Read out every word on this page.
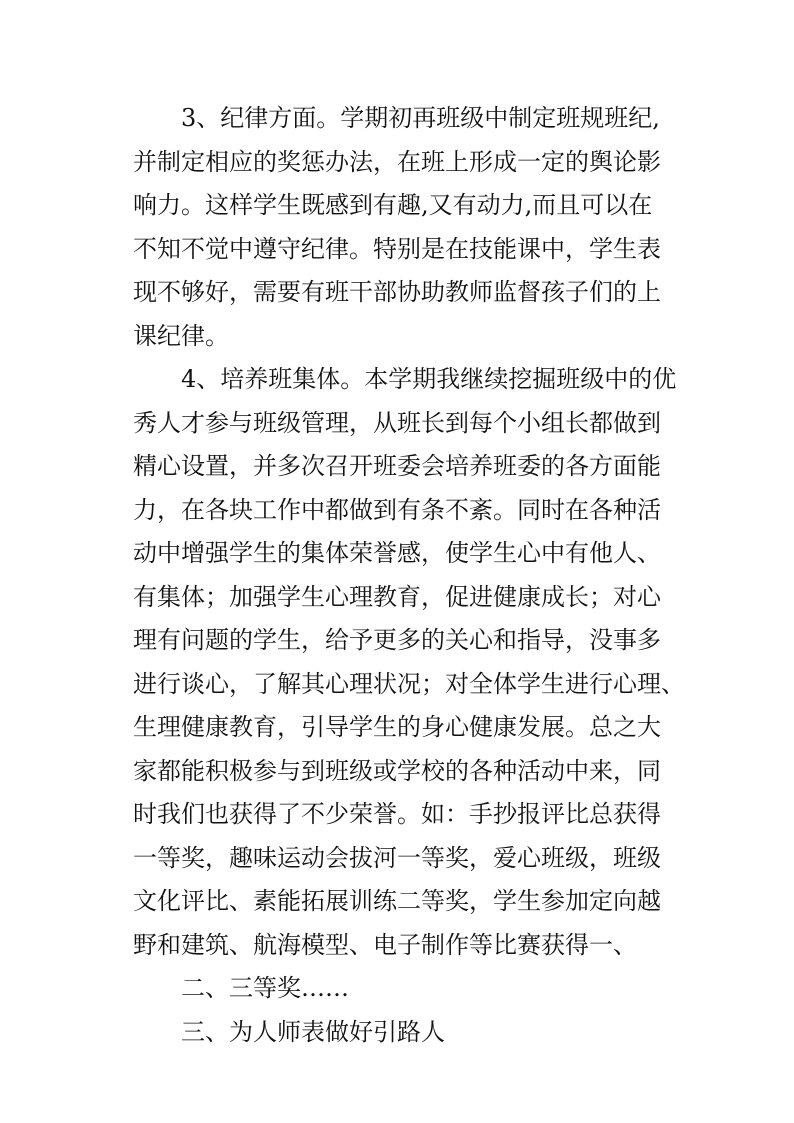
3、纪律方面。学期初再班级中制定班规班纪,
并制定相应的奖惩办法，在班上形成一定的舆论影
响力。这样学生既感到有趣,又有动力,而且可以在
不知不觉中遵守纪律。特别是在技能课中，学生表
现不够好，需要有班干部协助教师监督孩子们的上
课纪律。
4、培养班集体。本学期我继续挖掘班级中的优
秀人才参与班级管理，从班长到每个小组长都做到
精心设置，并多次召开班委会培养班委的各方面能
力，在各块工作中都做到有条不紊。同时在各种活
动中增强学生的集体荣誉感，使学生心中有他人、
有集体；加强学生心理教育，促进健康成长；对心
理有问题的学生，给予更多的关心和指导，没事多
进行谈心，了解其心理状况；对全体学生进行心理、
生理健康教育，引导学生的身心健康发展。总之大
家都能积极参与到班级或学校的各种活动中来，同
时我们也获得了不少荣誉。如：手抄报评比总获得
一等奖，趣味运动会拔河一等奖，爱心班级，班级
文化评比、素能拓展训练二等奖，学生参加定向越
野和建筑、航海模型、电子制作等比赛获得一、
二、三等奖……
三、为人师表做好引路人
